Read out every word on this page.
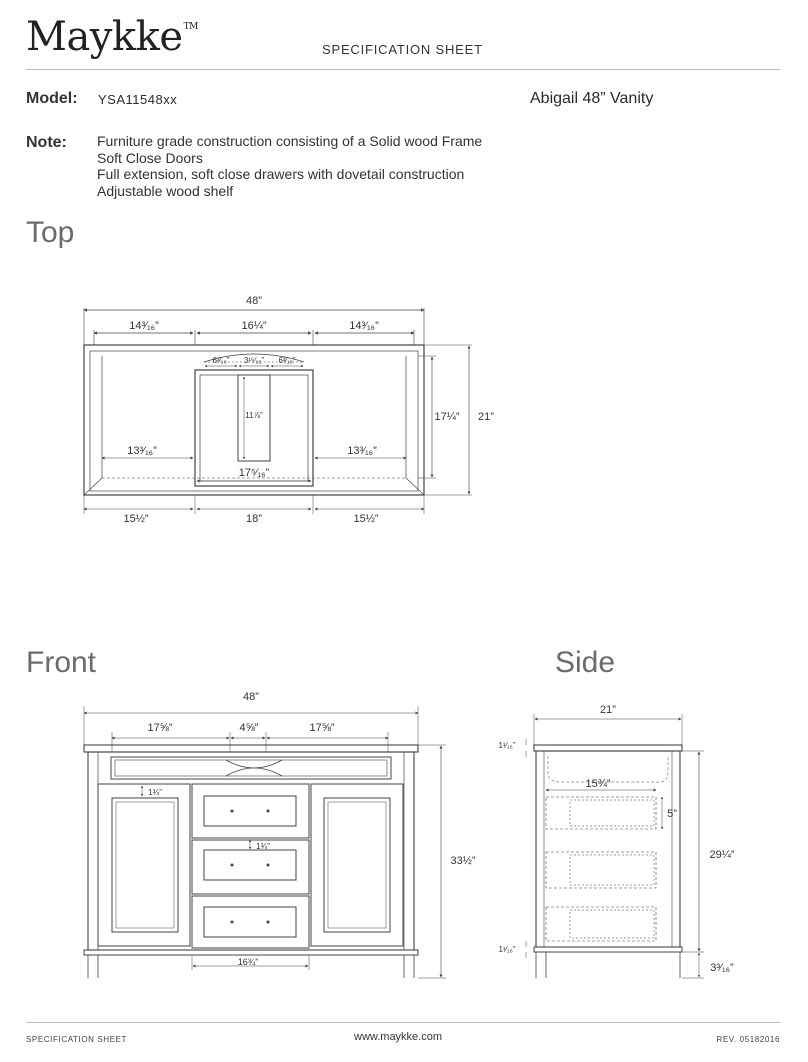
Maykke™
SPECIFICATION SHEET
Model: YSA11548xx	Abigail 48” Vanity
Note: Furniture grade construction consisting of a Solid wood Frame
Soft Close Doors
Full extension, soft close drawers with dovetail construction
Adjustable wood shelf
Top
Front	Side
48”
14³⁄₁₆”	16¼”	14³⁄₁₆”
6³⁄₁₆” 3¹⁵⁄₁₆” 6³⁄₁₆”
11⅞”
13³⁄₁₆”	13³⁄₁₆”
17⁵⁄₁₆”
17¼” 21”
15½”	18”	15½”
48”
17⅝”	4⅝”	17⅝”
1¾”
1¾”
33½”
16¾”
21”
1¹⁄₁₆”
15¾”
5”
29¼”
1¹⁄₁₆”
3³⁄₁₆”
SPECIFICATION SHEET	www.maykke.com	REV. 05182016
